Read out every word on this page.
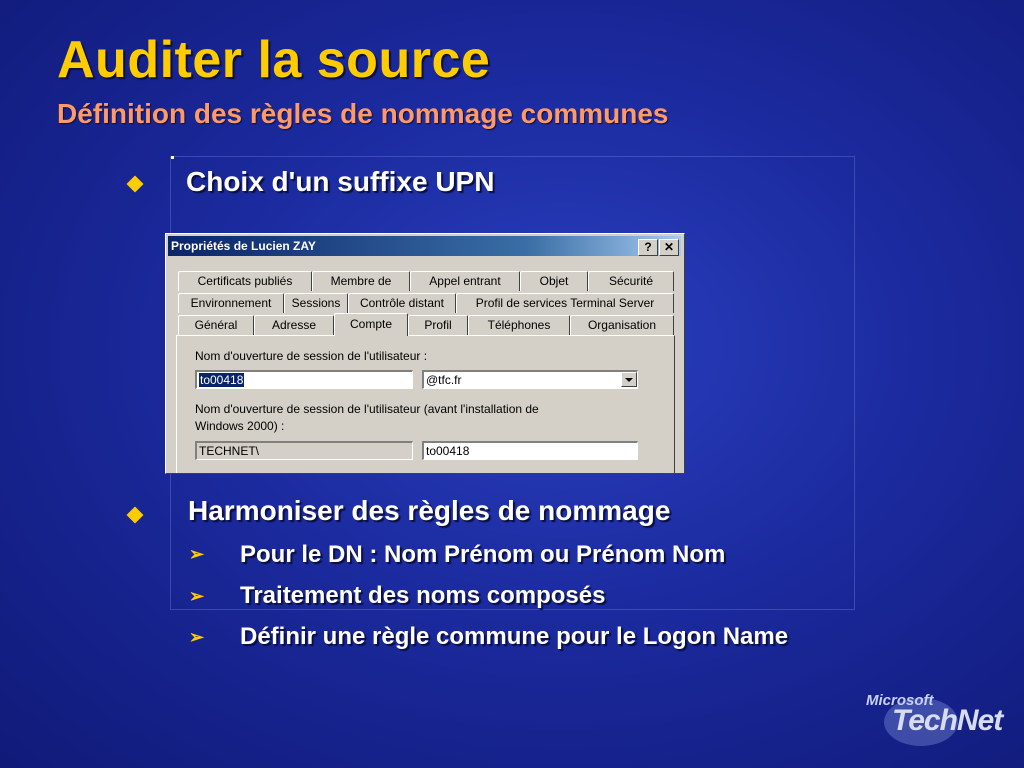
Auditer la source
Définition des règles de nommage communes
Choix d'un suffixe UPN
Propriétés de Lucien ZAY	?	✕
Certificats publiés	Membre de	Appel entrant	Objet	Sécurité
Environnement	Sessions	Contrôle distant	Profil de services Terminal Server
Général	Adresse	Compte	Profil	Téléphones	Organisation
Nom d'ouverture de session de l'utilisateur :
to00418	@tfc.fr
Nom d'ouverture de session de l'utilisateur (avant l'installation de
Windows 2000) :
TECHNET\	to00418
Harmoniser des règles de nommage
➢ Pour le DN : Nom Prénom ou Prénom Nom
➢ Traitement des noms composés
➢ Définir une règle commune pour le Logon Name
Microsoft
TechNet
